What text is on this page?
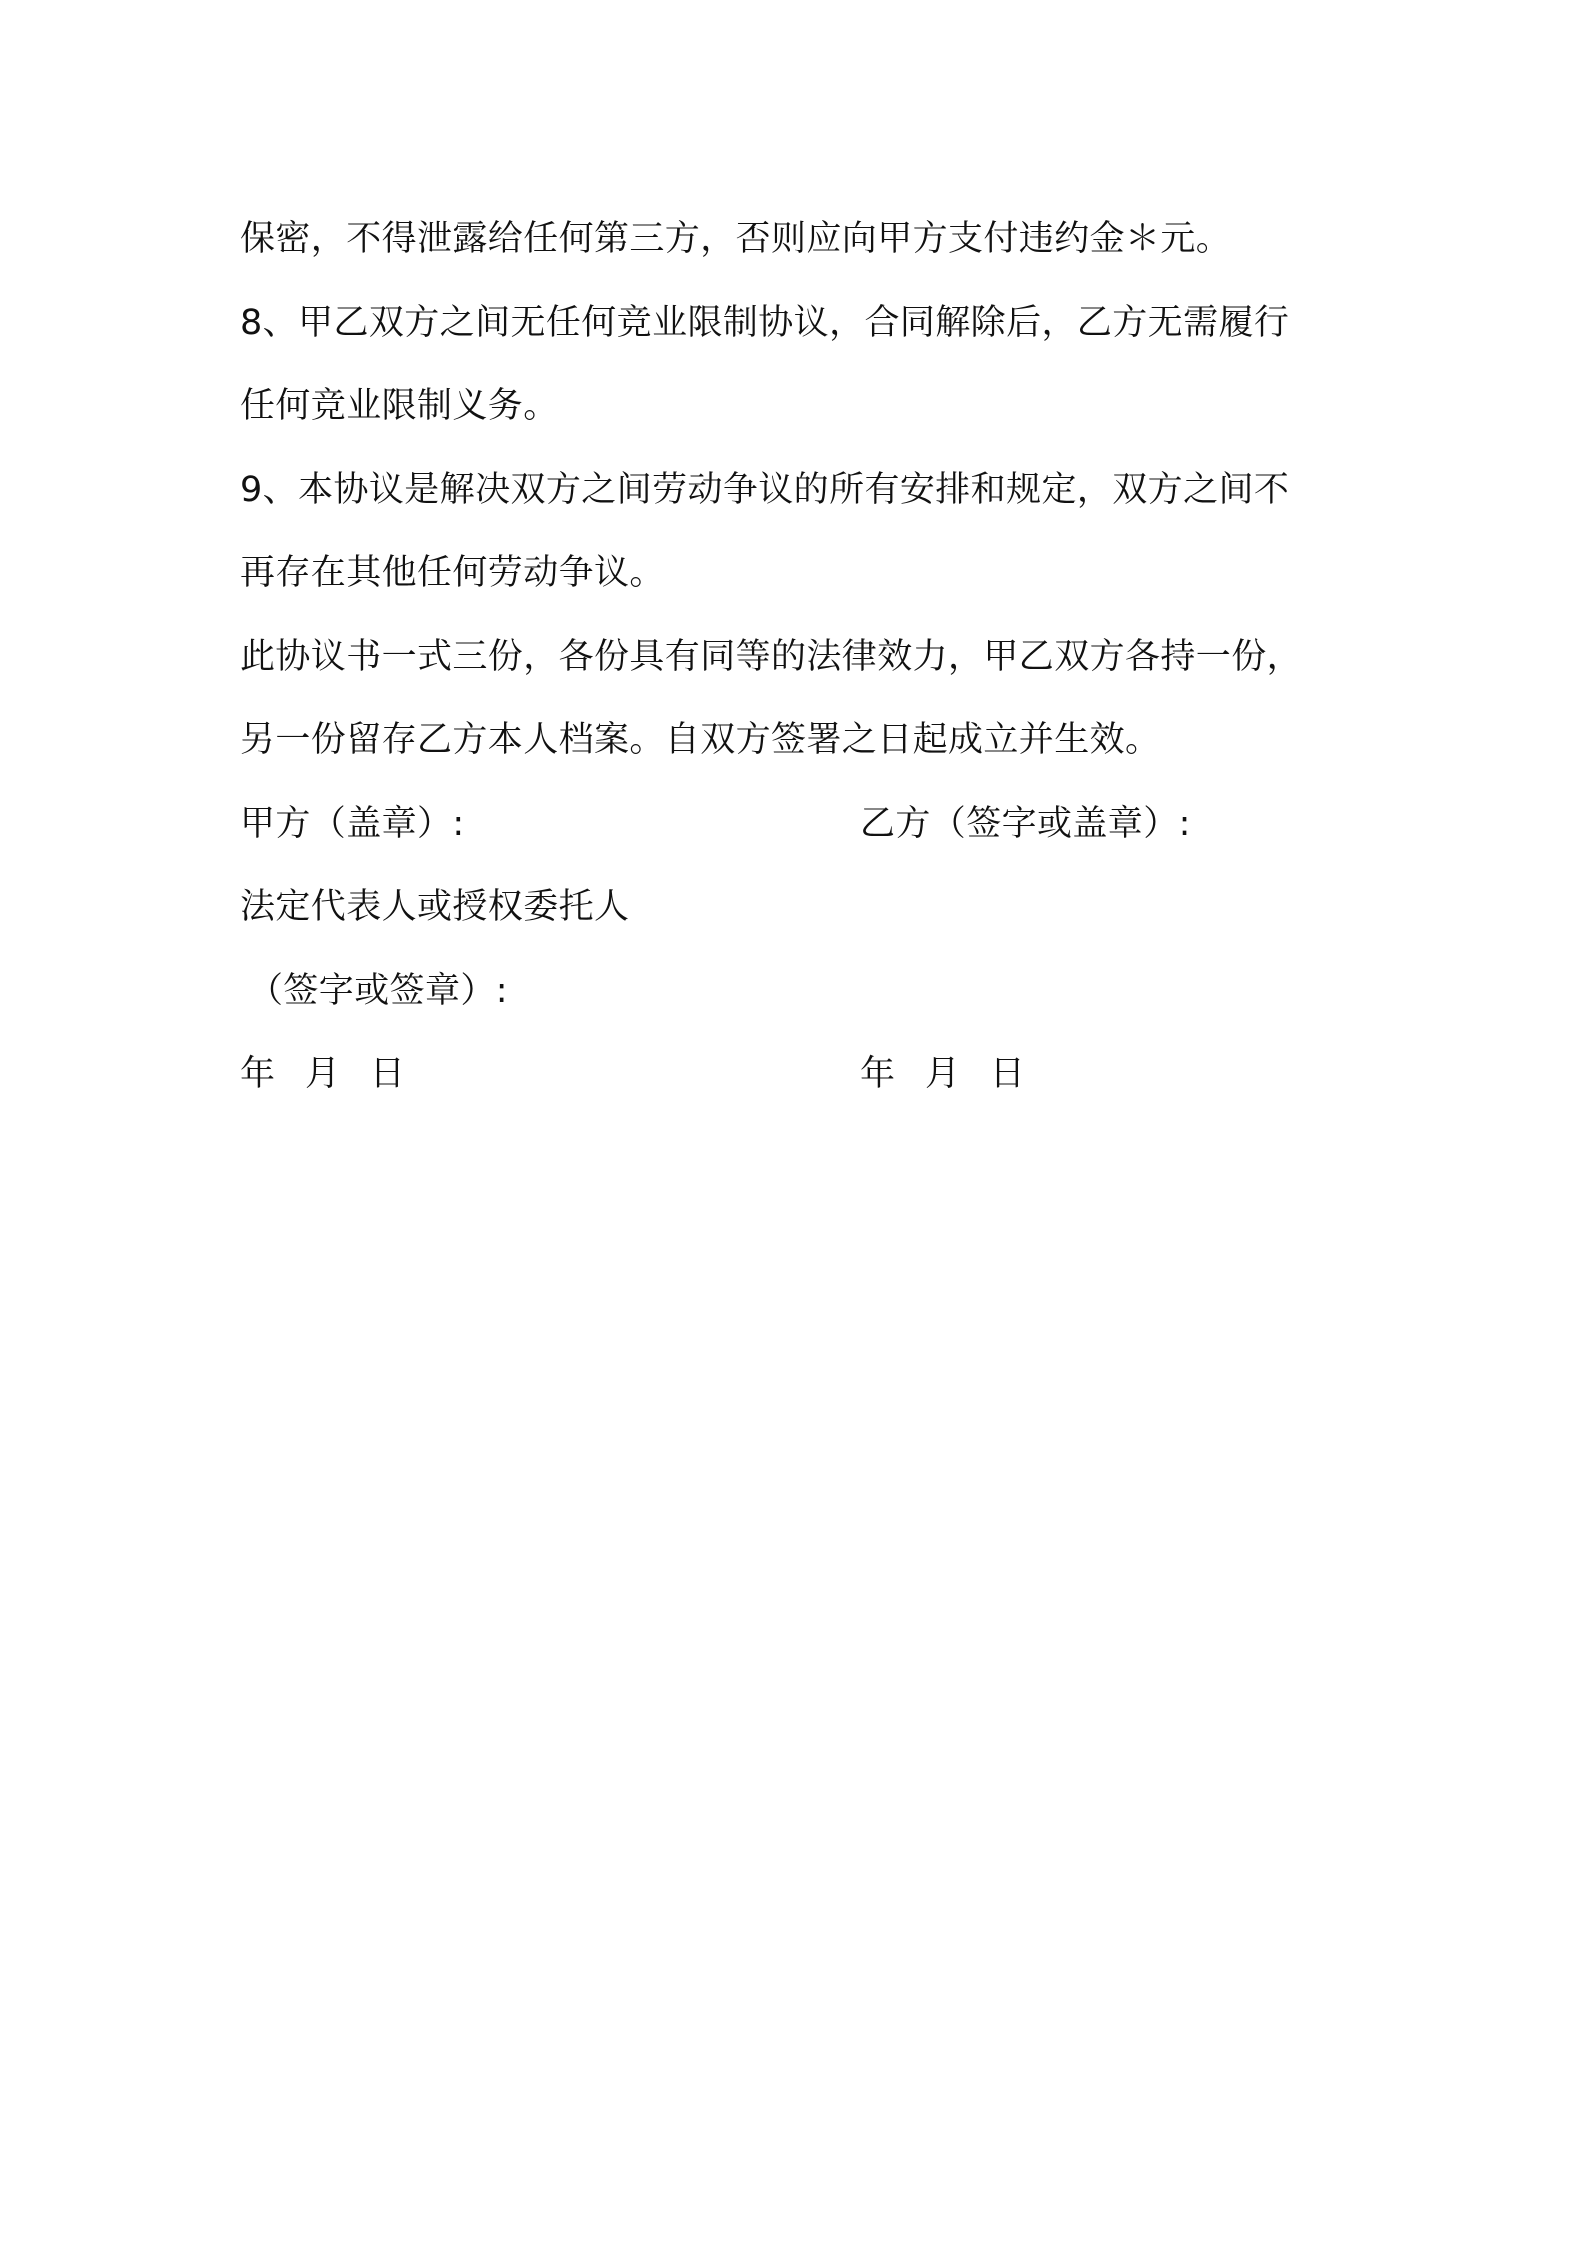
保密，不得泄露给任何第三方，否则应向甲方支付违约金＊元。
8、甲乙双方之间无任何竞业限制协议，合同解除后，乙方无需履行
任何竞业限制义务。
9、本协议是解决双方之间劳动争议的所有安排和规定，双方之间不
再存在其他任何劳动争议。
此协议书一式三份，各份具有同等的法律效力，甲乙双方各持一份，
另一份留存乙方本人档案。自双方签署之日起成立并生效。
甲方（盖章）:	乙方（签字或盖章）:
法定代表人或授权委托人
（签字或签章）:
年 月 日	年 月 日
